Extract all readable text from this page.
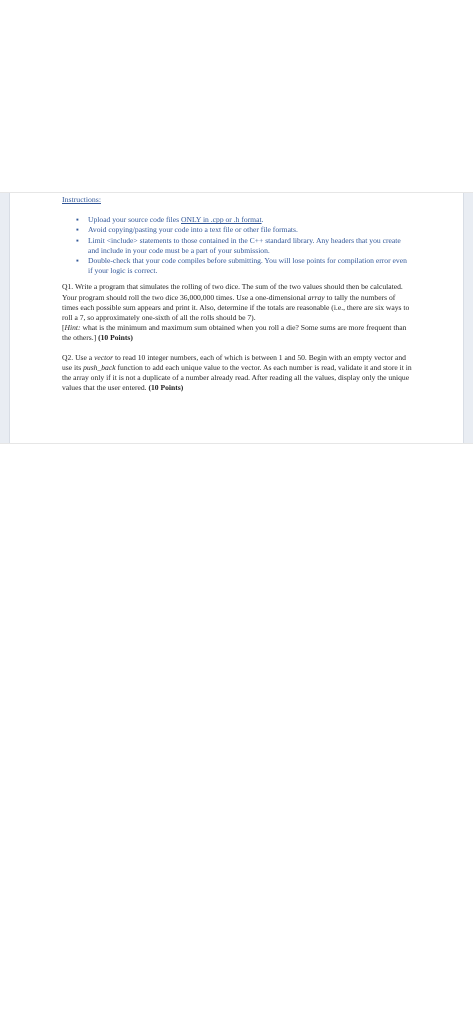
Instructions:
▪ Upload your source code files ONLY in .cpp or .h format.
▪ Avoid copying/pasting your code into a text file or other file formats.
▪ Limit <include> statements to those contained in the C++ standard library. Any headers that you create and include in your code must be a part of your submission.
▪ Double-check that your code compiles before submitting. You will lose points for compilation error even if your logic is correct.

Q1. Write a program that simulates the rolling of two dice. The sum of the two values should then be calculated. Your program should roll the two dice 36,000,000 times. Use a one-dimensional array to tally the numbers of times each possible sum appears and print it. Also, determine if the totals are reasonable (i.e., there are six ways to roll a 7, so approximately one-sixth of all the rolls should be 7).
[Hint: what is the minimum and maximum sum obtained when you roll a die? Some sums are more frequent than the others.] (10 Points)

Q2. Use a vector to read 10 integer numbers, each of which is between 1 and 50. Begin with an empty vector and use its push_back function to add each unique value to the vector. As each number is read, validate it and store it in the array only if it is not a duplicate of a number already read. After reading all the values, display only the unique values that the user entered. (10 Points)
